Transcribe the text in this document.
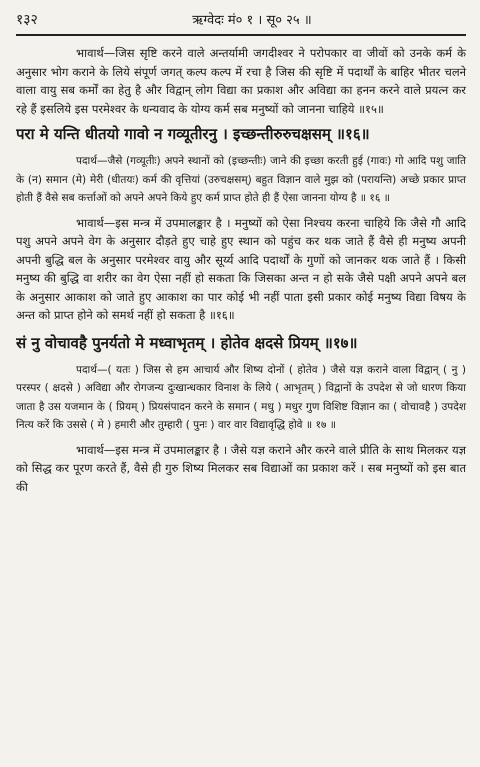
१३२	ऋग्वेदः मं० १ । सू० २५ ॥

भावार्थ—जिस सृष्टि करने वाले अन्तर्यामी जगदीश्वर ने परोपकार वा जीवों को उनके कर्म के अनुसार भोग कराने के लिये संपूर्ण जगत् कल्प कल्प में रचा है जिस की सृष्टि में पदार्थों के बाहिर भीतर चलने वाला वायु सब कर्मों का हेतु है और विद्वान् लोग विद्या का प्रकाश और अविद्या का हनन करने वाले प्रयत्न कर रहे हैं इसलिये इस परमेश्वर के धन्यवाद के योग्य कर्म सब मनुष्यों को जानना चाहिये ॥१५॥

परा मे यन्ति धीतयो गावो न गव्यूतीरनु । इच्छन्तीरुरुचक्षसम् ॥१६॥

पदार्थ—जैसे (गव्यूतीः) अपने स्थानों को (इच्छन्तीः) जाने की इच्छा करती हुई (गावः) गो आदि पशु जाति के (न) समान (मे) मेरी (धीतयः) कर्म की वृत्तियां (उरुचक्षसम्) बहुत विज्ञान वाले मुझ को (परायन्ति) अच्छे प्रकार प्राप्त होती हैं वैसे सब कर्त्ताओं को अपने अपने किये हुए कर्म प्राप्त होते ही हैं ऐसा जानना योग्य है ॥ १६ ॥

भावार्थ—इस मन्त्र में उपमालङ्कार है । मनुष्यों को ऐसा निश्चय करना चाहिये कि जैसे गौ आदि पशु अपने अपने वेग के अनुसार दौड़ते हुए चाहे हुए स्थान को पहुंच कर थक जाते हैं वैसे ही मनुष्य अपनी अपनी बुद्धि बल के अनुसार परमेश्वर वायु और सूर्य्य आदि पदार्थों के गुणों को जानकर थक जाते हैं । किसी मनुष्य की बुद्धि वा शरीर का वेग ऐसा नहीं हो सकता कि जिसका अन्त न हो सके जैसे पक्षी अपने अपने बल के अनुसार आकाश को जाते हुए आकाश का पार कोई भी नहीं पाता इसी प्रकार कोई मनुष्य विद्या विषय के अन्त को प्राप्त होने को समर्थ नहीं हो सकता है ॥१६॥

सं नु वोचावहै पुनर्यतो मे मध्वाभृतम् । होतेव क्षदसे प्रियम् ॥१७॥

पदार्थ—( यतः ) जिस से हम आचार्य और शिष्य दोनों ( होतेव ) जैसे यज्ञ कराने वाला विद्वान् ( नु ) परस्पर ( क्षदसे ) अविद्या और रोगजन्य दुःखान्धकार विनाश के लिये ( आभृतम् ) विद्वानों के उपदेश से जो धारण किया जाता है उस यजमान के ( प्रियम् ) प्रियसंपादन करने के समान ( मधु ) मधुर गुण विशिष्ट विज्ञान का ( वोचावहै ) उपदेश नित्य करें कि उससे ( मे ) हमारी और तुम्हारी ( पुनः ) वार वार विद्यावृद्धि होवे ॥ १७ ॥

भावार्थ—इस मन्त्र में उपमालङ्कार है । जैसे यज्ञ कराने और करने वाले प्रीति के साथ मिलकर यज्ञ को सिद्ध कर पूरण करते हैं, वैसे ही गुरु शिष्य मिलकर सब विद्याओं का प्रकाश करें । सब मनुष्यों को इस बात की
